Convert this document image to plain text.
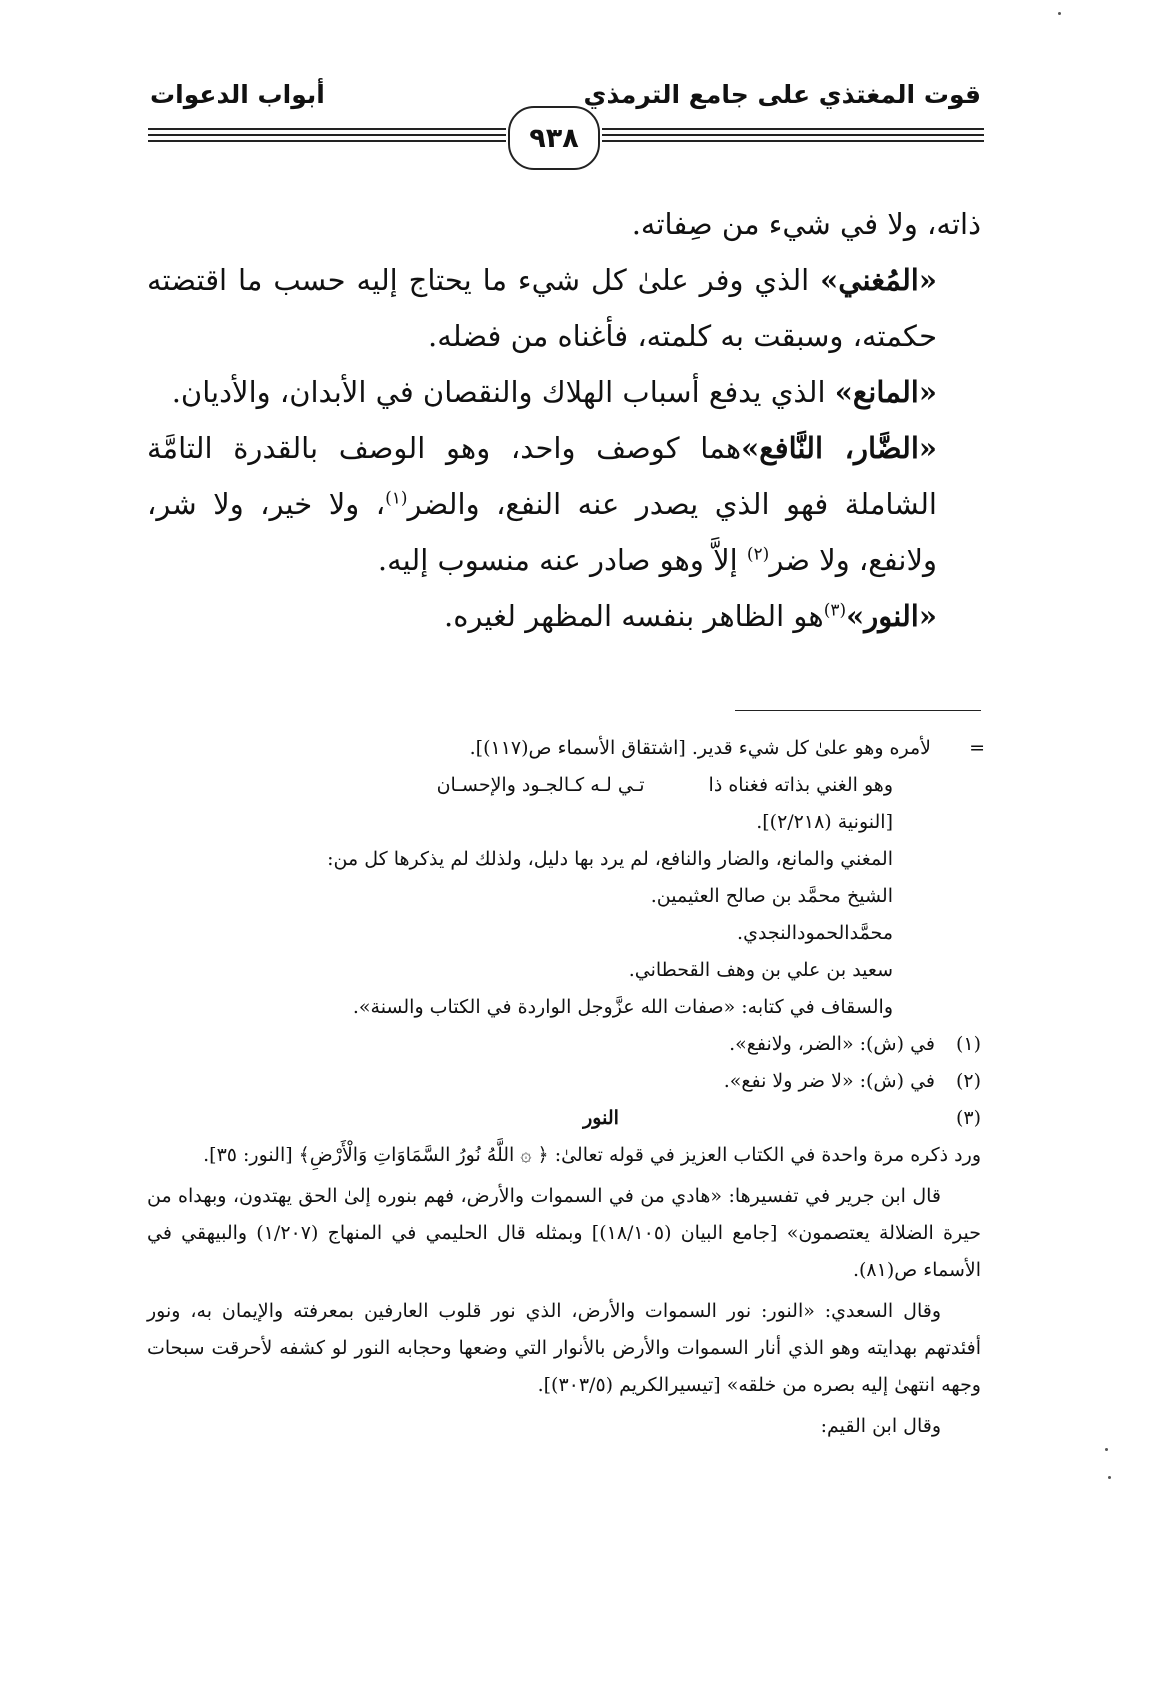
قوت المغتذي على جامع الترمذي
أبواب الدعوات
٩٣٨

ذاته، ولا في شيء من صِفاته.

«المُغني» الذي وفر علىٰ كل شيء ما يحتاج إليه حسب ما اقتضته حكمته، وسبقت به كلمته، فأغناه من فضله.

«المانع» الذي يدفع أسباب الهلاك والنقصان في الأبدان، والأديان.

«الضَّار، النَّافع»هما كوصف واحد، وهو الوصف بالقدرة التامَّة الشاملة فهو الذي يصدر عنه النفع، والضر$^{(١)}$، ولا خير، ولا شر، ولانفع، ولا ضر$^{(٢)}$ إلاَّ وهو صادر عنه منسوب إليه.

«النور»$^{(٣)}$هو الظاهر بنفسه المظهر لغيره.

=
لأمره وهو علىٰ كل شيء قدير. [اشتقاق الأسماء ص(١١٧)].
وهو الغني بذاته فغناه ذا
تـي لـه كـالجـود والإحسـان
[النونية (٢/٢١٨)].
المغني والمانع، والضار والنافع، لم يرد بها دليل، ولذلك لم يذكرها كل من:
الشيخ محمَّد بن صالح العثيمين.
محمَّدالحمودالنجدي.
سعيد بن علي بن وهف القحطاني.
والسقاف في كتابه: «صفات الله عزَّوجل الواردة في الكتاب والسنة».
(١)في (ش): «الضر، ولانفع».
(٢)في (ش): «لا ضر ولا نفع».
(٣)
النور

ورد ذكره مرة واحدة في الكتاب العزيز في قوله تعالىٰ: ﴿ ۞ اللَّهُ نُورُ السَّمَاوَاتِ وَالْأَرْضِ﴾ [النور: ٣٥].

قال ابن جرير في تفسيرها: «هادي من في السموات والأرض، فهم بنوره إلىٰ الحق يهتدون، وبهداه من حيرة الضلالة يعتصمون» [جامع البيان (١٨/١٠٥)] وبمثله قال الحليمي في المنهاج (١/٢٠٧) والبيهقي في الأسماء ص(٨١).

وقال السعدي: «النور: نور السموات والأرض، الذي نور قلوب العارفين بمعرفته والإيمان به، ونور أفئدتهم بهدايته وهو الذي أنار السموات والأرض بالأنوار التي وضعها وحجابه النور لو كشفه لأحرقت سبحات وجهه انتهىٰ إليه بصره من خلقه» [تيسيرالكريم (٣٠٣/٥)].

وقال ابن القيم:
